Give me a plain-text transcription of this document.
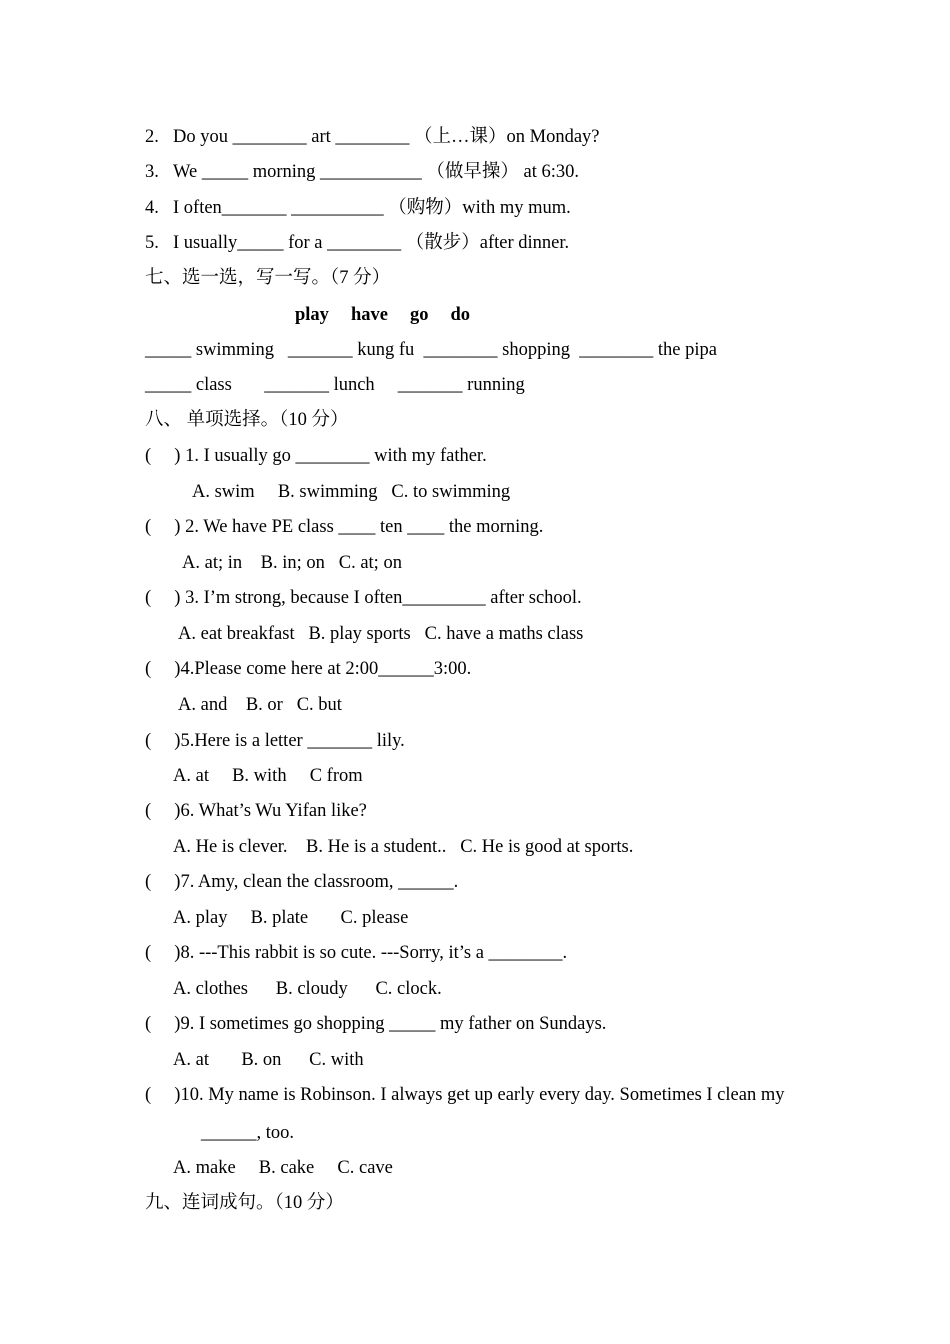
2. Do you ________ art ________ （上…课）on Monday?
3. We _____ morning ___________ （做早操） at 6:30.
4. I often_______ __________ （购物）with my mum.
5. I usually_____ for a ________ （散步）after dinner.
七、选一选，写一写。（7 分）
play have go do
_____ swimming   _______ kung fu  ________ shopping  ________ the pipa
_____ class       _______ lunch     _______ running
八、 单项选择。（10 分）
(     ) 1. I usually go ________ with my father.
A. swim     B. swimming   C. to swimming
(     ) 2. We have PE class ____ ten ____ the morning.
A. at; in    B. in; on   C. at; on
(     ) 3. I’m strong, because I often_________ after school.
A. eat breakfast   B. play sports   C. have a maths class
(     )4.Please come here at 2:00______3:00.
A. and    B. or   C. but
(     )5.Here is a letter _______ lily.
A. at     B. with     C from
(     )6. What’s Wu Yifan like?
A. He is clever.    B. He is a student..   C. He is good at sports.
(     )7. Amy, clean the classroom, ______.
A. play     B. plate       C. please
(     )8. ---This rabbit is so cute. ---Sorry, it’s a ________.
A. clothes      B. cloudy      C. clock.
(     )9. I sometimes go shopping _____ my father on Sundays.
A. at       B. on      C. with
(     )10. My name is Robinson. I always get up early every day. Sometimes I clean my
______, too.
A. make     B. cake     C. cave
九、连词成句。（10 分）
